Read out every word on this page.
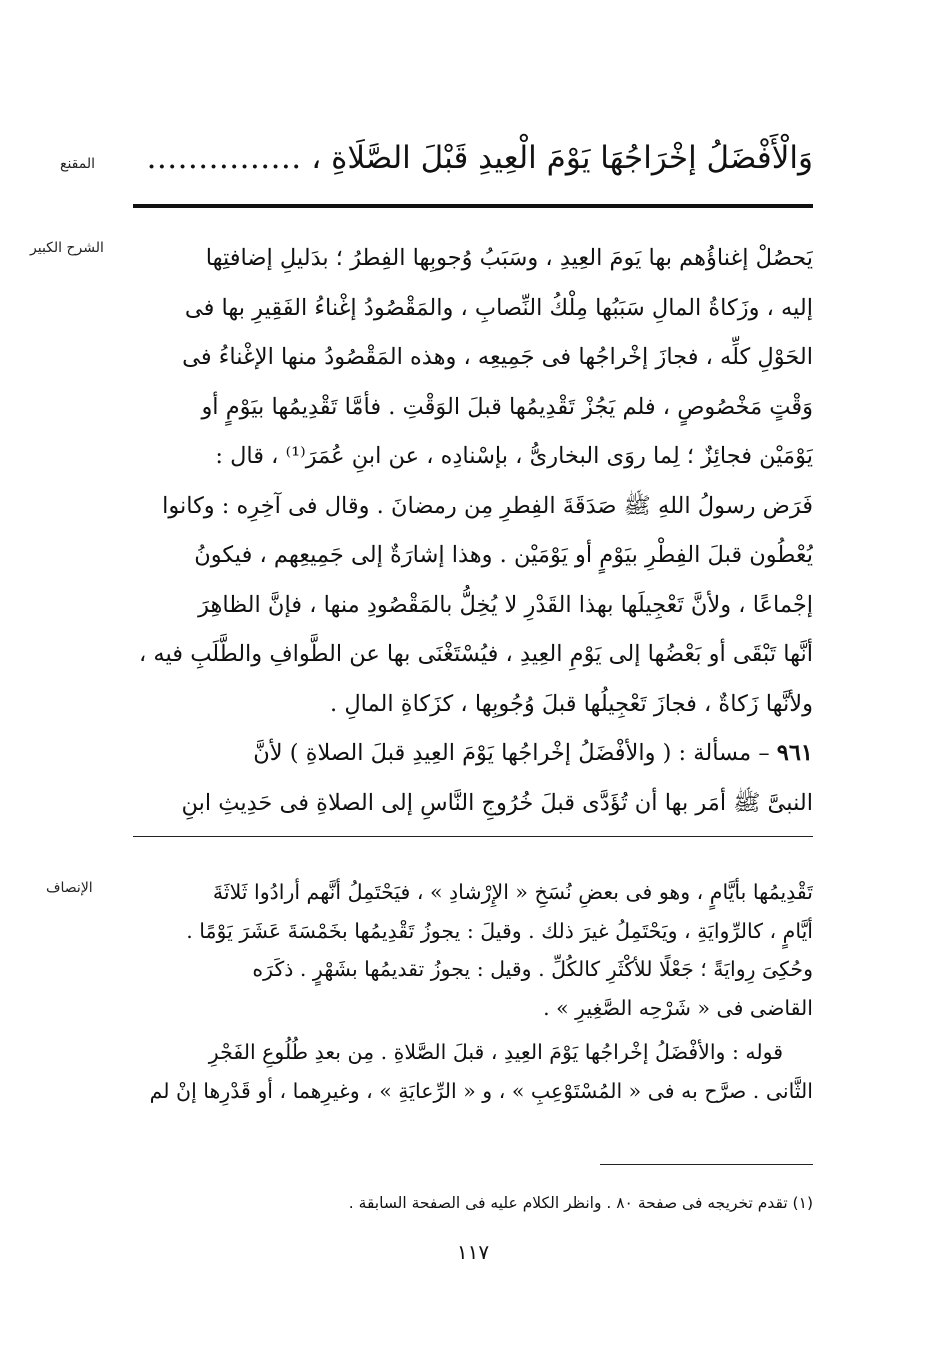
المقنع	وَالْأَفْضَلُ إخْرَاجُهَا يَوْمَ الْعِيدِ قَبْلَ الصَّلَاةِ ، ……………
الشرح الكبير	يَحصُلْ إغناؤُهم بها يَومَ العِيدِ ، وسَبَبُ وُجوبِها الفِطرُ ؛ بدَليلِ إضافتِها
إليه ، وزَكاةُ المالِ سَبَبُها مِلْكُ النِّصابِ ، والمَقْصُودُ إغْناءُ الفَقِيرِ بها فى
الحَوْلِ كلِّه ، فجازَ إخْراجُها فى جَمِيعِه ، وهذه المَقْصُودُ منها الإغْناءُ فى
وَقْتٍ مَخْصُوصٍ ، فلم يَجُزْ تَقْدِيمُها قبلَ الوَقْتِ . فأمَّا تَقْدِيمُها بيَوْمٍ أو
يَوْمَيْن فجائِزٌ ؛ لِما روَى البخارىُّ ، بإسْنادِه ، عن ابنِ عُمَرَ⁽¹⁾ ، قال :
فَرَض رسولُ اللهِ ﷺ صَدَقَةَ الفِطرِ مِن رمضانَ . وقال فى آخِرِه : وكانوا
يُعْطُون قبلَ الفِطْرِ بيَوْمٍ أو يَوْمَيْن . وهذا إشارَةٌ إلى جَمِيعِهم ، فيكونُ
إجْماعًا ، ولأنَّ تَعْجِيلَها بهذا القَدْرِ لا يُخِلُّ بالمَقْصُودِ منها ، فإنَّ الظاهِرَ
أنَّها تَبْقَى أو بَعْضُها إلى يَوْمِ العِيدِ ، فيُسْتَغْنَى بها عن الطَّوافِ والطَّلَبِ فيه ،
ولأنَّها زَكاةٌ ، فجازَ تَعْجِيلُها قبلَ وُجُوبِها ، كزَكاةِ المالِ .
٩٦١ – مسألة : ( والأفْضَلُ إخْراجُها يَوْمَ العِيدِ قبلَ الصلاةِ ) لأنَّ
النبىَّ ﷺ أمَر بها أن تُؤَدَّى قبلَ خُرُوجِ النَّاسِ إلى الصلاةِ فى حَدِيثِ ابنِ
الإنصاف	تَقْدِيمُها بأيَّامٍ ، وهو فى بعضِ نُسَخِ « الإِرْشادِ » ، فيَحْتَمِلُ أنَّهم أرادُوا ثَلاثَةَ
أيَّامٍ ، كالرِّوايَةِ ، ويَحْتَمِلُ غيرَ ذلك . وقيلَ : يجوزُ تَقْدِيمُها بخَمْسَةَ عَشَرَ يَوْمًا .
وحُكِىَ رِوايَةً ؛ جَعْلًا للأكْثَرِ كالكُلِّ . وقيل : يجوزُ تقديمُها بشَهْرٍ . ذكَرَه
القاضى فى « شَرْحِه الصَّغِيرِ » .
قوله : والأفْضَلُ إخْراجُها يَوْمَ العِيدِ ، قبلَ الصَّلاةِ . مِن بعدِ طُلُوعِ الفَجْرِ
الثَّانى . صرَّح به فى « المُسْتَوْعِبِ » ، و « الرِّعايَةِ » ، وغيرِهما ، أو قَدْرِها إنْ لم
(١) تقدم تخريجه فى صفحة ٨٠ . وانظر الكلام عليه فى الصفحة السابقة .
١١٧
